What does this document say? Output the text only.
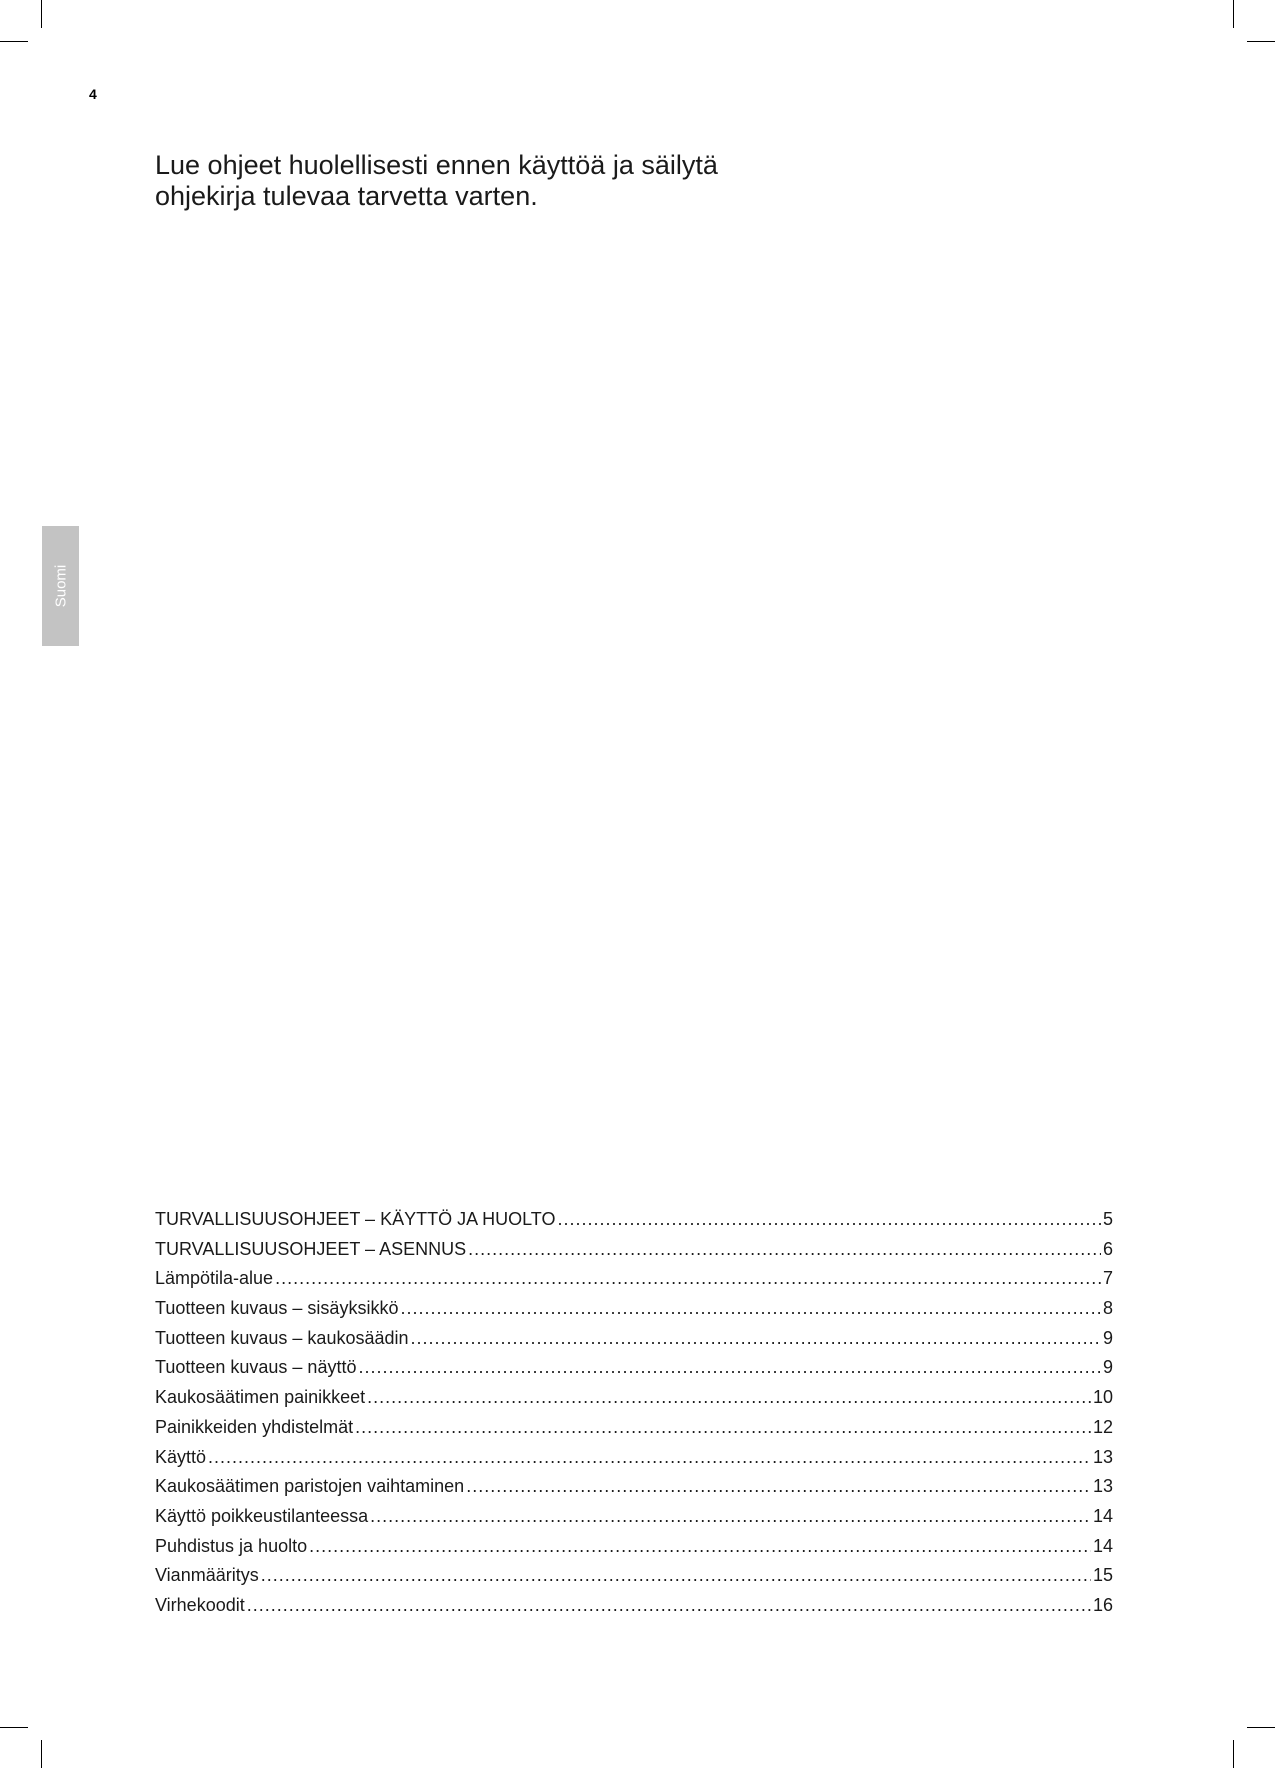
4
Lue ohjeet huolellisesti ennen käyttöä ja säilytä
ohjekirja tulevaa tarvetta varten.
Suomi
TURVALLISUUSOHJEET – KÄYTTÖ JA HUOLTO .....	5
TURVALLISUUSOHJEET – ASENNUS .....	6
Lämpötila-alue .....	7
Tuotteen kuvaus – sisäyksikkö .....	8
Tuotteen kuvaus – kaukosäädin .....	9
Tuotteen kuvaus – näyttö .....	9
Kaukosäätimen painikkeet .....	10
Painikkeiden yhdistelmät .....	12
Käyttö .....	13
Kaukosäätimen paristojen vaihtaminen .....	13
Käyttö poikkeustilanteessa .....	14
Puhdistus ja huolto .....	14
Vianmääritys .....	15
Virhekoodit .....	16
